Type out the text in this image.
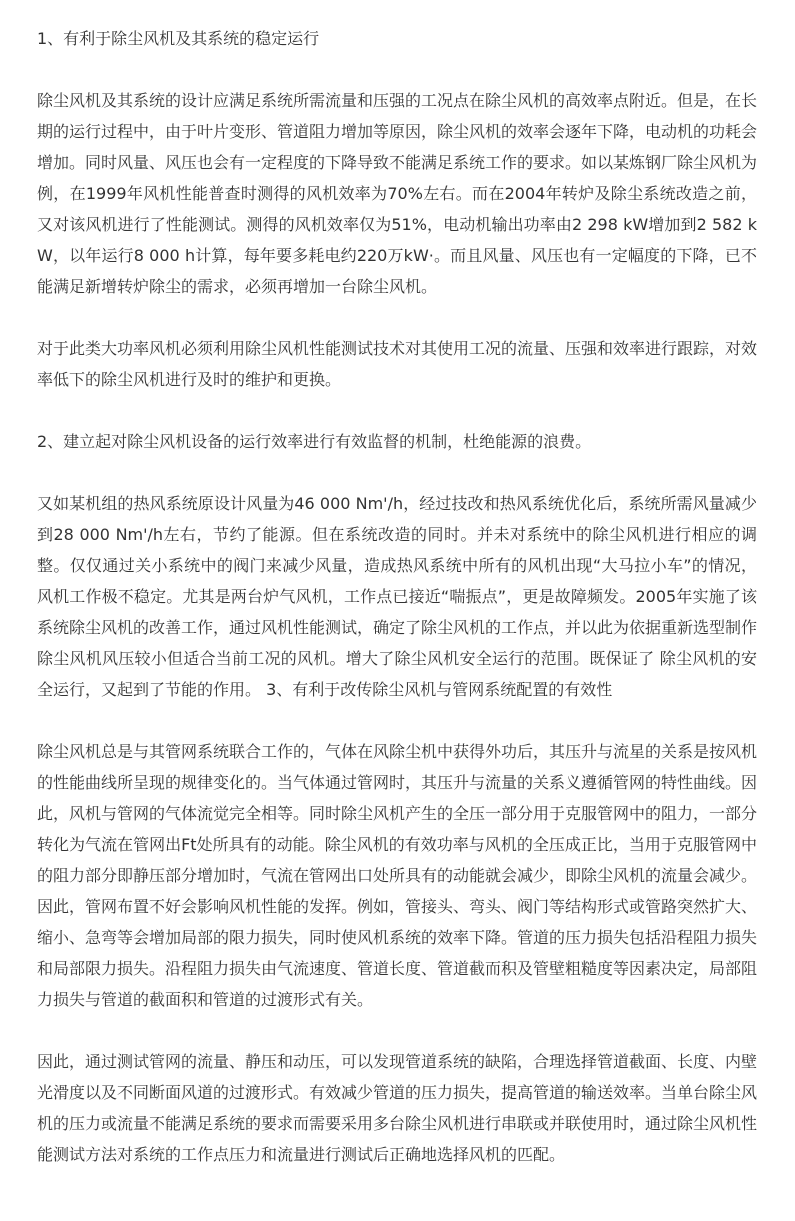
1、有利于除尘风机及其系统的稳定运行

除尘风机及其系统的设计应满足系统所需流量和压强的工况点在除尘风机的高效率点附近。但是，在长期的运行过程中，由于叶片变形、管道阻力增加等原因，除尘风机的效率会逐年下降，电动机的功耗会增加。同时风量、风压也会有一定程度的下降导致不能满足系统工作的要求。如以某炼钢厂除尘风机为例，在1999年风机性能普查时测得的风机效率为70%左右。而在2004年转炉及除尘系统改造之前，又对该风机进行了性能测试。测得的风机效率仅为51%，电动机输出功率由2 298 kW增加到2 582 kW，以年运行8 000 h计算，每年要多耗电约220万kW·。而且风量、风压也有一定幅度的下降，已不能满足新增转炉除尘的需求，必须再增加一台除尘风机。

对于此类大功率风机必须利用除尘风机性能测试技术对其使用工况的流量、压强和效率进行跟踪，对效率低下的除尘风机进行及时的维护和更换。

2、建立起对除尘风机设备的运行效率进行有效监督的机制，杜绝能源的浪费。

又如某机组的热风系统原设计风量为46 000 Nm'/h，经过技改和热风系统优化后，系统所需风量减少到28 000 Nm'/h左右，节约了能源。但在系统改造的同时。并未对系统中的除尘风机进行相应的调整。仅仅通过关小系统中的阀门来减少风量，造成热风系统中所有的风机出现“大马拉小车”的情况，风机工作极不稳定。尤其是两台炉气风机，工作点已接近“喘振点”，更是故障频发。2005年实施了该系统除尘风机的改善工作，通过风机性能测试，确定了除尘风机的工作点，并以此为依据重新选型制作除尘风机风压较小但适合当前工况的风机。增大了除尘风机安全运行的范围。既保证了 除尘风机的安全运行，又起到了节能的作用。 3、有利于改传除尘风机与管网系统配置的有效性

除尘风机总是与其管网系统联合工作的，气体在风除尘机中获得外功后，其压升与流星的关系是按风机的性能曲线所呈现的规律变化的。当气体通过管网时，其压升与流量的关系义遵循管网的特性曲线。因此，风机与管网的气体流觉完全相等。同时除尘风机产生的全压一部分用于克服管网中的阻力，一部分转化为气流在管网出Ft处所具有的动能。除尘风机的有效功率与风机的全压成正比，当用于克服管网中的阻力部分即静压部分增加时，气流在管网出口处所具有的动能就会减少，即除尘风机的流量会减少。因此，管网布置不好会影响风机性能的发挥。例如，管接头、弯头、阀门等结构形式或管路突然扩大、缩小、急弯等会增加局部的限力损失，同时使风机系统的效率下降。管道的压力损失包括沿程阻力损失和局部限力损失。沿程阻力损失由气流速度、管道长度、管道截而积及管壁粗糙度等因素决定，局部阻力损失与管道的截面积和管道的过渡形式有关。

因此，通过测试管网的流量、静压和动压，可以发现管道系统的缺陷，合理选择管道截面、长度、内壁光滑度以及不同断面风道的过渡形式。有效减少管道的压力损失，提高管道的输送效率。当单台除尘风机的压力或流量不能满足系统的要求而需要采用多台除尘风机进行串联或并联使用时，通过除尘风机性能测试方法对系统的工作点压力和流量进行测试后正确地选择风机的匹配。
